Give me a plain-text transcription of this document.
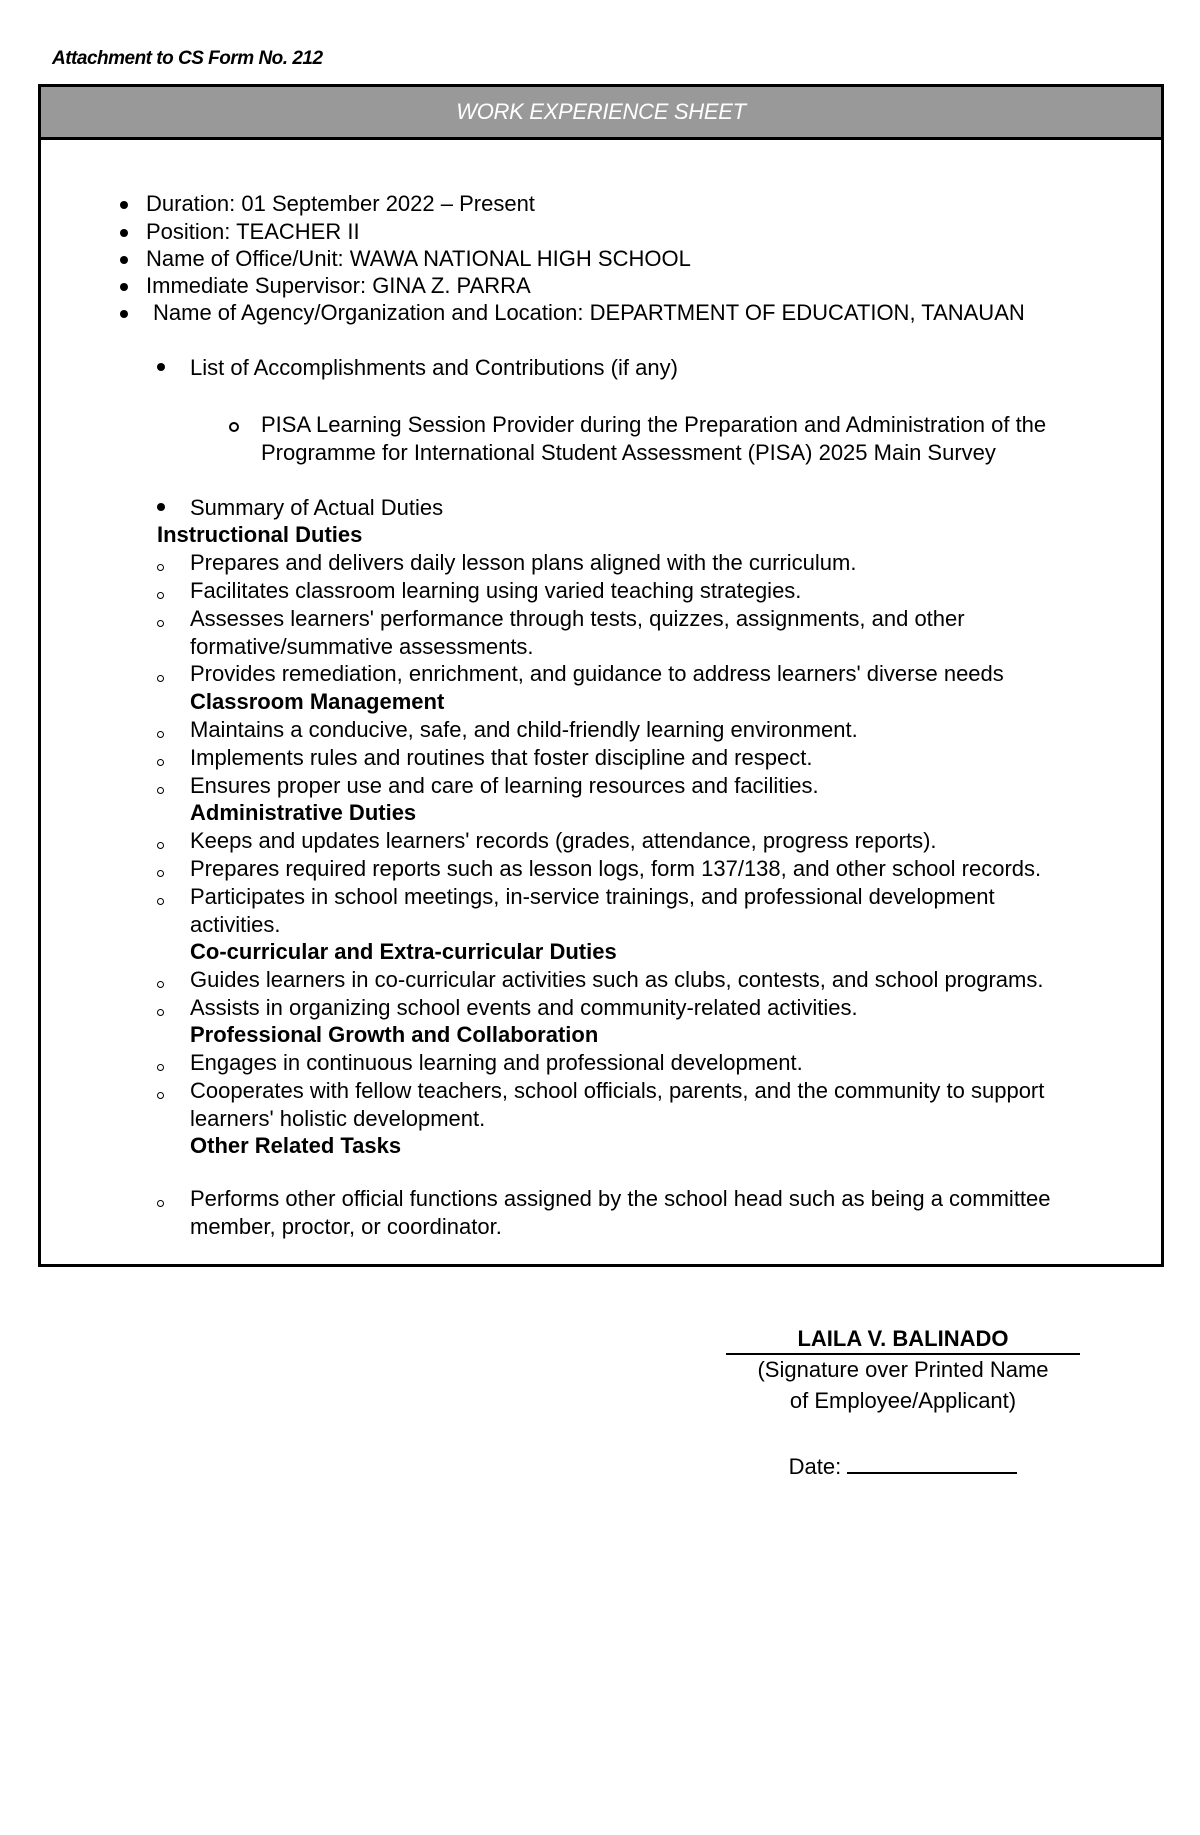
Attachment to CS Form No. 212
WORK EXPERIENCE SHEET
Duration: 01 September 2022 – Present
Position: TEACHER II
Name of Office/Unit: WAWA NATIONAL HIGH SCHOOL
Immediate Supervisor: GINA Z. PARRA
Name of Agency/Organization and Location: DEPARTMENT OF EDUCATION, TANAUAN
List of Accomplishments and Contributions (if any)
PISA Learning Session Provider during the Preparation and Administration of the
Programme for International Student Assessment (PISA) 2025 Main Survey
Summary of Actual Duties
Instructional Duties
Prepares and delivers daily lesson plans aligned with the curriculum.
Facilitates classroom learning using varied teaching strategies.
Assesses learners' performance through tests, quizzes, assignments, and other
formative/summative assessments.
Provides remediation, enrichment, and guidance to address learners' diverse needs
Classroom Management
Maintains a conducive, safe, and child-friendly learning environment.
Implements rules and routines that foster discipline and respect.
Ensures proper use and care of learning resources and facilities.
Administrative Duties
Keeps and updates learners' records (grades, attendance, progress reports).
Prepares required reports such as lesson logs, form 137/138, and other school records.
Participates in school meetings, in-service trainings, and professional development
activities.
Co-curricular and Extra-curricular Duties
Guides learners in co-curricular activities such as clubs, contests, and school programs.
Assists in organizing school events and community-related activities.
Professional Growth and Collaboration
Engages in continuous learning and professional development.
Cooperates with fellow teachers, school officials, parents, and the community to support
learners' holistic development.
Other Related Tasks
Performs other official functions assigned by the school head such as being a committee
member, proctor, or coordinator.
LAILA V. BALINADO
(Signature over Printed Name
of Employee/Applicant)
Date:
